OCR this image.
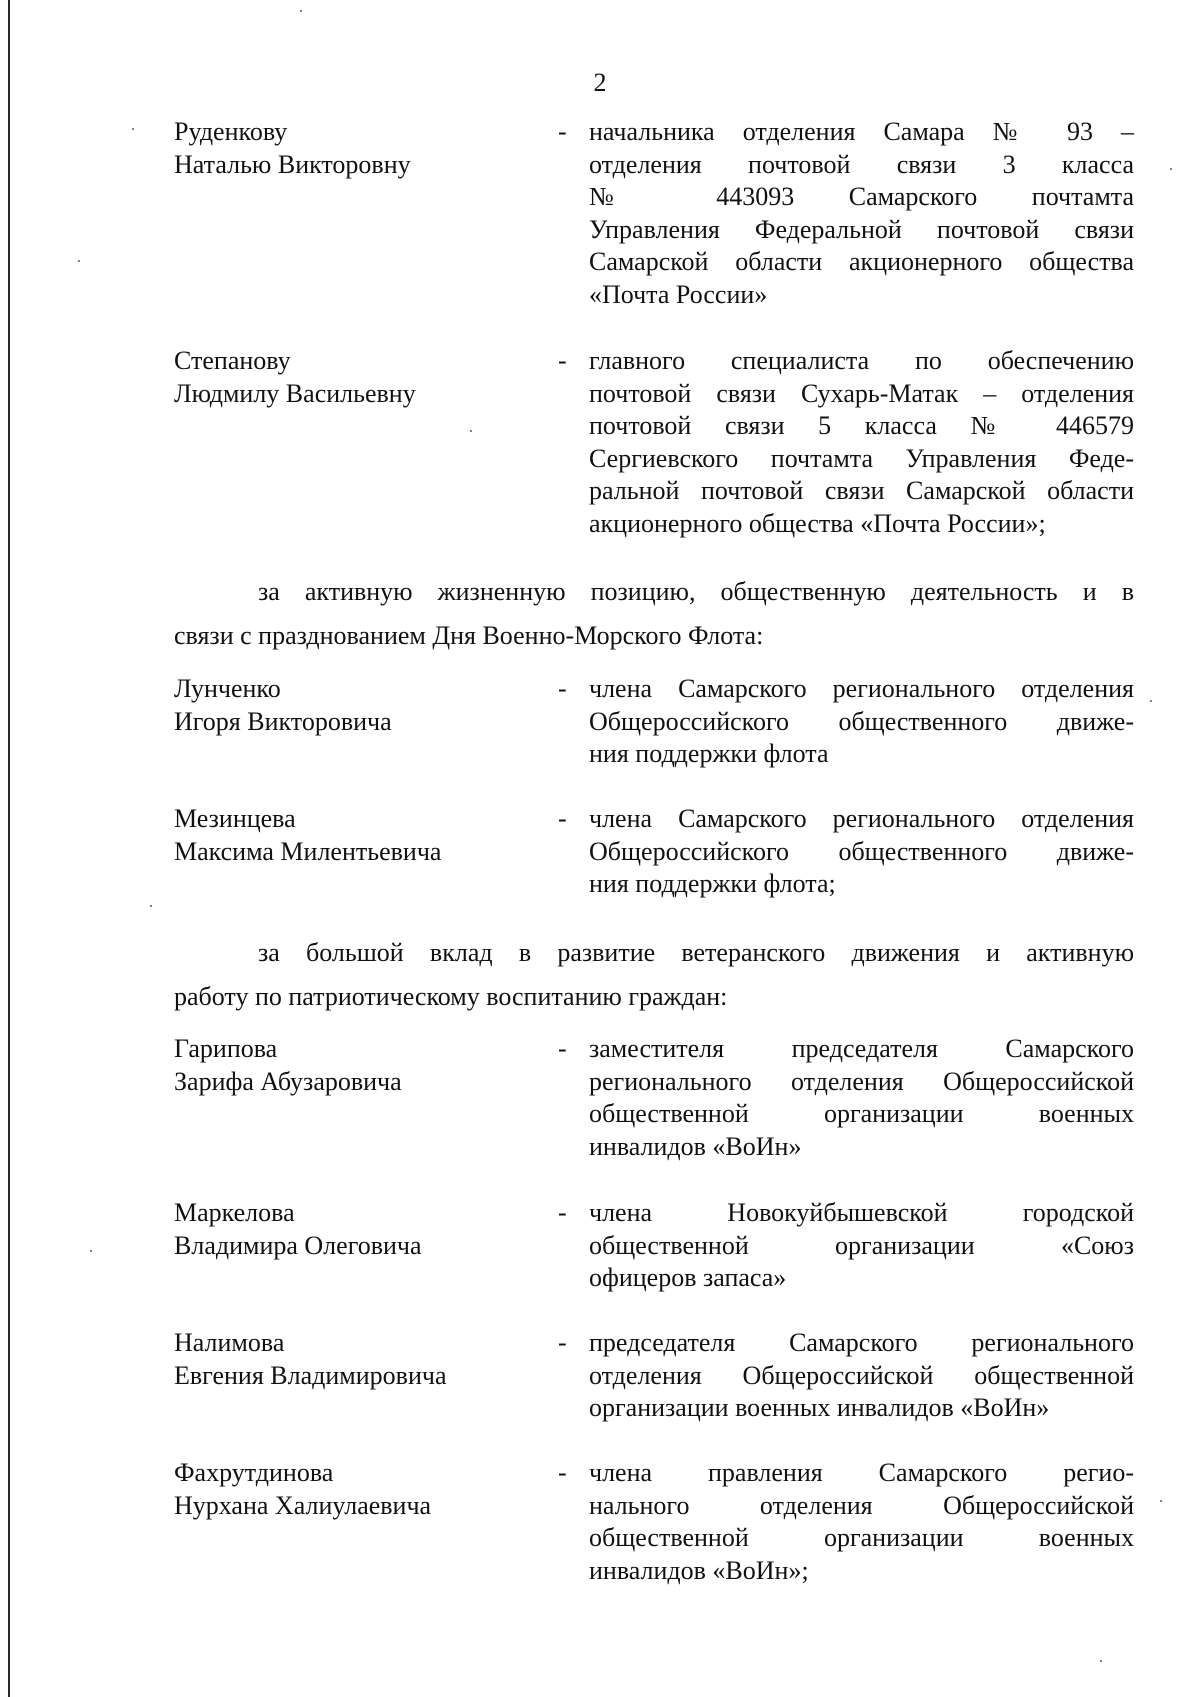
2
Руденкову
Наталью Викторовну
- начальника отделения Самара № 93 –
отделения почтовой связи 3 класса
№ 443093 Самарского почтамта
Управления Федеральной почтовой связи
Самарской области акционерного общества
«Почта России»
Степанову
Людмилу Васильевну
- главного специалиста по обеспечению
почтовой связи Сухарь-Матак – отделения
почтовой связи 5 класса № 446579
Сергиевского почтамта Управления Феде-
ральной почтовой связи Самарской области
акционерного общества «Почта России»;
за активную жизненную позицию, общественную деятельность и в
связи с празднованием Дня Военно-Морского Флота:
Лунченко
Игоря Викторовича
- члена Самарского регионального отделения
Общероссийского общественного движе-
ния поддержки флота
Мезинцева
Максима Милентьевича
- члена Самарского регионального отделения
Общероссийского общественного движе-
ния поддержки флота;
за большой вклад в развитие ветеранского движения и активную
работу по патриотическому воспитанию граждан:
Гарипова
Зарифа Абузаровича
- заместителя председателя Самарского
регионального отделения Общероссийской
общественной организации военных
инвалидов «ВоИн»
Маркелова
Владимира Олеговича
- члена Новокуйбышевской городской
общественной организации «Союз
офицеров запаса»
Налимова
Евгения Владимировича
- председателя Самарского регионального
отделения Общероссийской общественной
организации военных инвалидов «ВоИн»
Фахрутдинова
Нурхана Халиулаевича
- члена правления Самарского регио-
нального отделения Общероссийской
общественной организации военных
инвалидов «ВоИн»;
